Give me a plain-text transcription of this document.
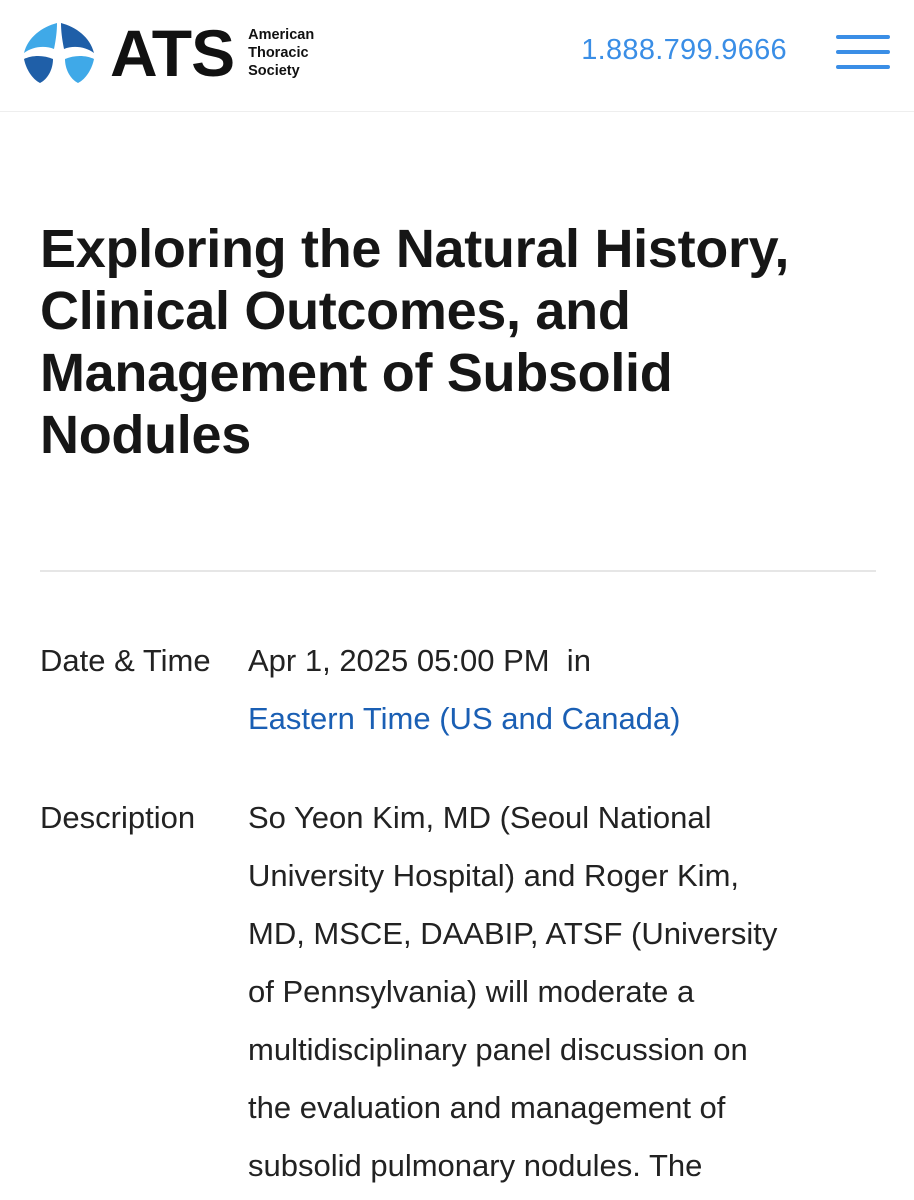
ATS American
Thoracic
Society
1.888.799.9666
Exploring the Natural History, Clinical Outcomes, and Management of Subsolid Nodules
Date & Time Apr 1, 2025 05:00 PM  in
Eastern Time (US and Canada)
Description So Yeon Kim, MD (Seoul National
University Hospital) and Roger Kim,
MD, MSCE, DAABIP, ATSF (University
of Pennsylvania) will moderate a
multidisciplinary panel discussion on
the evaluation and management of
subsolid pulmonary nodules. The
